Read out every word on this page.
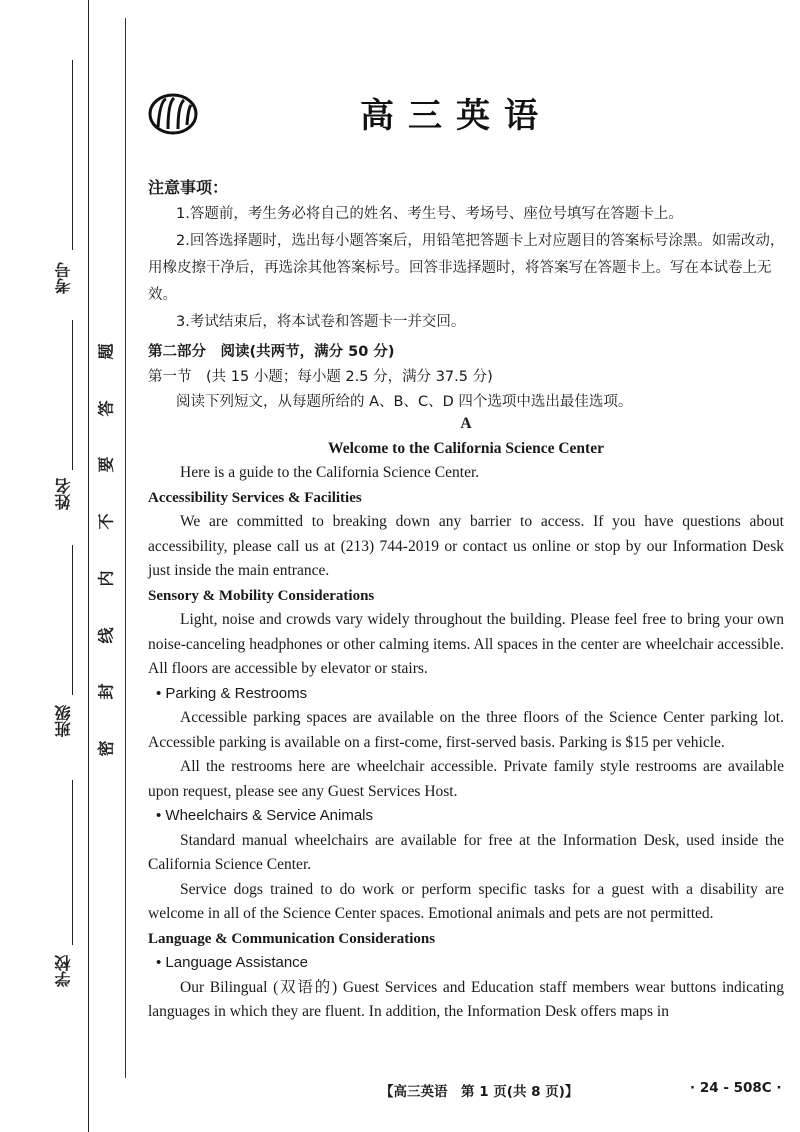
考号
姓名
班级
学校
题
答
要
不
内
线
封
密
高三英语
注意事项：
1.答题前，考生务必将自己的姓名、考生号、考场号、座位号填写在答题卡上。
2.回答选择题时，选出每小题答案后，用铅笔把答题卡上对应题目的答案标号涂黑。如需改动，用橡皮擦干净后，再选涂其他答案标号。回答非选择题时，将答案写在答题卡上。写在本试卷上无效。
3.考试结束后，将本试卷和答题卡一并交回。
第二部分　阅读(共两节，满分 50 分)
第一节　(共 15 小题；每小题 2.5 分，满分 37.5 分)
阅读下列短文，从每题所给的 A、B、C、D 四个选项中选出最佳选项。

A

Welcome to the California Science Center

Here is a guide to the California Science Center.

Accessibility Services & Facilities

We are committed to breaking down any barrier to access. If you have questions about accessibility, please call us at (213) 744-2019 or contact us online or stop by our Information Desk just inside the main entrance.

Sensory & Mobility Considerations

Light, noise and crowds vary widely throughout the building. Please feel free to bring your own noise-canceling headphones or other calming items. All spaces in the center are wheelchair accessible. All floors are accessible by elevator or stairs.

• Parking & Restrooms

Accessible parking spaces are available on the three floors of the Science Center parking lot. Accessible parking is available on a first-come, first-served basis. Parking is $15 per vehicle.

All the restrooms here are wheelchair accessible. Private family style restrooms are available upon request, please see any Guest Services Host.

• Wheelchairs & Service Animals

Standard manual wheelchairs are available for free at the Information Desk, used inside the California Science Center.

Service dogs trained to do work or perform specific tasks for a guest with a disability are welcome in all of the Science Center spaces. Emotional animals and pets are not permitted.

Language & Communication Considerations

• Language Assistance

Our Bilingual (双语的) Guest Services and Education staff members wear buttons indicating languages in which they are fluent. In addition, the Information Desk offers maps in

【高三英语　第 1 页(共 8 页)】	· 24 - 508C ·
